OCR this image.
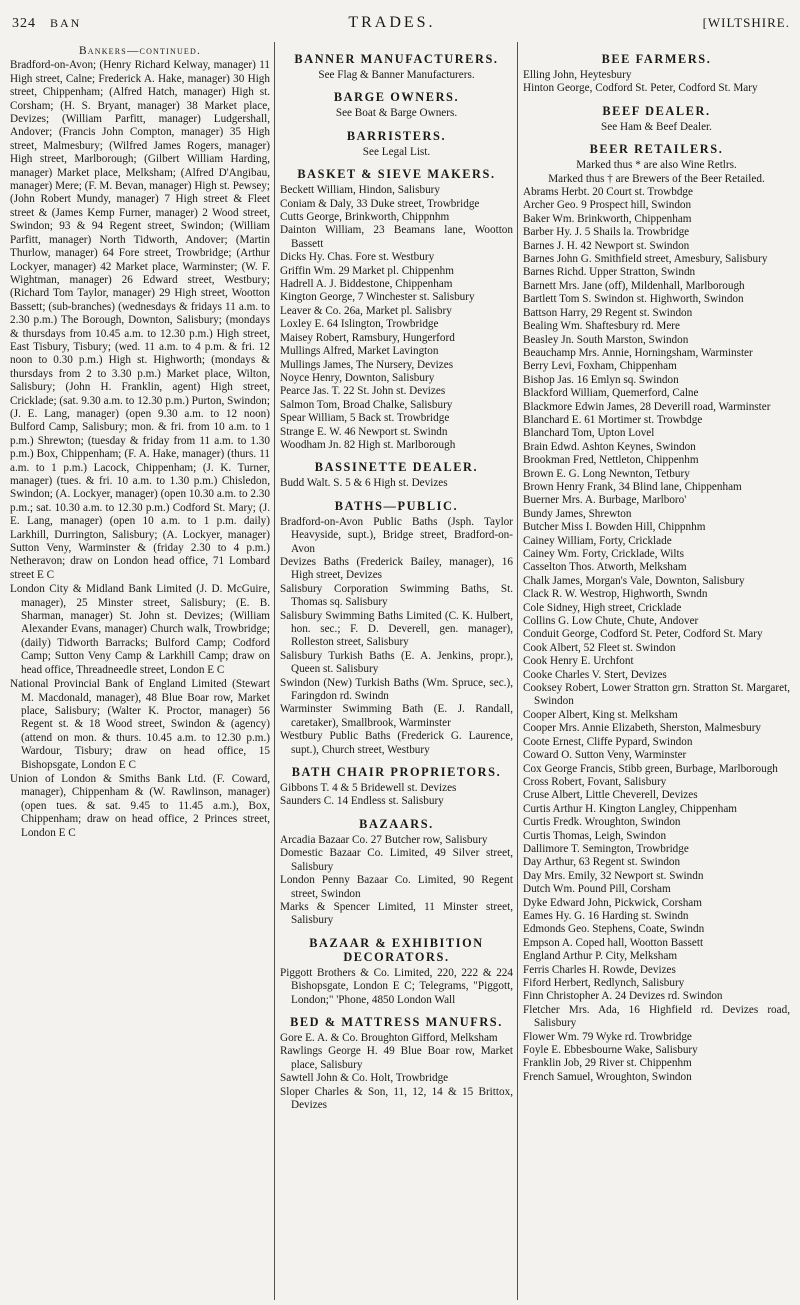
324 BAN	TRADES.	[WILTSHIRE.
Bankers—continued.
Bradford-on-Avon; (Henry Richard Kelway, manager) 11 High street, Calne; Frederick A. Hake, manager) 30 High street, Chippenham; (Alfred Hatch, manager) High st. Corsham; (H. S. Bryant, manager) 38 Market place, Devizes; (William Parfitt, manager) Ludgershall, Andover; (Francis John Compton, manager) 35 High street, Malmesbury; (Wilfred James Rogers, manager) High street, Marlborough; (Gilbert William Harding, manager) Market place, Melksham; (Alfred D'Angibau, manager) Mere; (F. M. Bevan, manager) High st. Pewsey; (John Robert Mundy, manager) 7 High street & Fleet street & (James Kemp Furner, manager) 2 Wood street, Swindon; 93 & 94 Regent street, Swindon; (William Parfitt, manager) North Tidworth, Andover; (Martin Thurlow, manager) 64 Fore street, Trowbridge; (Arthur Lockyer, manager) 42 Market place, Warminster; (W. F. Wightman, manager) 26 Edward street, Westbury; (Richard Tom Taylor, manager) 29 High street, Wootton Bassett; (sub-branches) (wednesdays & fridays 11 a.m. to 2.30 p.m.) The Borough, Downton, Salisbury; (mondays & thursdays from 10.45 a.m. to 12.30 p.m.) High street, East Tisbury, Tisbury; (wed. 11 a.m. to 4 p.m. & fri. 12 noon to 0.30 p.m.) High st. Highworth; (mondays & thursdays from 2 to 3.30 p.m.) Market place, Wilton, Salisbury; (John H. Franklin, agent) High street, Cricklade; (sat. 9.30 a.m. to 12.30 p.m.) Purton, Swindon; (J. E. Lang, manager) (open 9.30 a.m. to 12 noon) Bulford Camp, Salisbury; mon. & fri. from 10 a.m. to 1 p.m.) Shrewton; (tuesday & friday from 11 a.m. to 1.30 p.m.) Box, Chippenham; (F. A. Hake, manager) (thurs. 11 a.m. to 1 p.m.) Lacock, Chippenham; (J. K. Turner, manager) (tues. & fri. 10 a.m. to 1.30 p.m.) Chisledon, Swindon; (A. Lockyer, manager) (open 10.30 a.m. to 2.30 p.m.; sat. 10.30 a.m. to 12.30 p.m.) Codford St. Mary; (J. E. Lang, manager) (open 10 a.m. to 1 p.m. daily) Larkhill, Durrington, Salisbury; (A. Lockyer, manager) Sutton Veny, Warminster & (friday 2.30 to 4 p.m.) Netheravon; draw on London head office, 71 Lombard street E C
London City & Midland Bank Limited (J. D. McGuire, manager), 25 Minster street, Salisbury; (E. B. Sharman, manager) St. John st. Devizes; (William Alexander Evans, manager) Church walk, Trowbridge; (daily) Tidworth Barracks; Bulford Camp; Codford Camp; Sutton Veny Camp & Larkhill Camp; draw on head office, Threadneedle street, London E C
National Provincial Bank of England Limited (Stewart M. Macdonald, manager), 48 Blue Boar row, Market place, Salisbury; (Walter K. Proctor, manager) 56 Regent st. & 18 Wood street, Swindon & (agency) (attend on mon. & thurs. 10.45 a.m. to 12.30 p.m.) Wardour, Tisbury; draw on head office, 15 Bishopsgate, London E C
Union of London & Smiths Bank Ltd. (F. Coward, manager), Chippenham & (W. Rawlinson, manager) (open tues. & sat. 9.45 to 11.45 a.m.), Box, Chippenham; draw on head office, 2 Princes street, London E C
BANNER MANUFACTURERS.
See Flag & Banner Manufacturers.
BARGE OWNERS.
See Boat & Barge Owners.
BARRISTERS.
See Legal List.
BASKET & SIEVE MAKERS.
Beckett William, Hindon, Salisbury
Coniam & Daly, 33 Duke street, Trowbridge
Cutts George, Brinkworth, Chippnhm
Dainton William, 23 Beamans lane, Wootton Bassett
Dicks Hy. Chas. Fore st. Westbury
Griffin Wm. 29 Market pl. Chippenhm
Hadrell A. J. Biddestone, Chippenham
Kington George, 7 Winchester st. Salisbury
Leaver & Co. 26a, Market pl. Salisbry
Loxley E. 64 Islington, Trowbridge
Maisey Robert, Ramsbury, Hungerford
Mullings Alfred, Market Lavington
Mullings James, The Nursery, Devizes
Noyce Henry, Downton, Salisbury
Pearce Jas. T. 22 St. John st. Devizes
Salmon Tom, Broad Chalke, Salisbury
Spear William, 5 Back st. Trowbridge
Strange E. W. 46 Newport st. Swindn
Woodham Jn. 82 High st. Marlborough
BASSINETTE DEALER.
Budd Walt. S. 5 & 6 High st. Devizes
BATHS—PUBLIC.
Bradford-on-Avon Public Baths (Jsph. Taylor Heavyside, supt.), Bridge street, Bradford-on-Avon
Devizes Baths (Frederick Bailey, manager), 16 High street, Devizes
Salisbury Corporation Swimming Baths, St. Thomas sq. Salisbury
Salisbury Swimming Baths Limited (C. K. Hulbert, hon. sec.; F. D. Deverell, gen. manager), Rolleston street, Salisbury
Salisbury Turkish Baths (E. A. Jenkins, propr.), Queen st. Salisbury
Swindon (New) Turkish Baths (Wm. Spruce, sec.), Faringdon rd. Swindn
Warminster Swimming Bath (E. J. Randall, caretaker), Smallbrook, Warminster
Westbury Public Baths (Frederick G. Laurence, supt.), Church street, Westbury
BATH CHAIR PROPRIETORS.
Gibbons T. 4 & 5 Bridewell st. Devizes
Saunders C. 14 Endless st. Salisbury
BAZAARS.
Arcadia Bazaar Co. 27 Butcher row, Salisbury
Domestic Bazaar Co. Limited, 49 Silver street, Salisbury
London Penny Bazaar Co. Limited, 90 Regent street, Swindon
Marks & Spencer Limited, 11 Minster street, Salisbury
BAZAAR & EXHIBITION DECORATORS.
Piggott Brothers & Co. Limited, 220, 222 & 224 Bishopsgate, London E C; Telegrams, "Piggott, London;" 'Phone, 4850 London Wall
BED & MATTRESS MANUFRS.
Gore E. A. & Co. Broughton Gifford, Melksham
Rawlings George H. 49 Blue Boar row, Market place, Salisbury
Sawtell John & Co. Holt, Trowbridge
Sloper Charles & Son, 11, 12, 14 & 15 Brittox, Devizes
BEE FARMERS.
Elling John, Heytesbury
Hinton George, Codford St. Peter, Codford St. Mary
BEEF DEALER.
See Ham & Beef Dealer.
BEER RETAILERS.
Marked thus * are also Wine Retlrs.
Marked thus † are Brewers of the Beer Retailed.
Abrams Herbt. 20 Court st. Trowbdge
Archer Geo. 9 Prospect hill, Swindon
Baker Wm. Brinkworth, Chippenham
Barber Hy. J. 5 Shails la. Trowbridge
Barnes J. H. 42 Newport st. Swindon
Barnes John G. Smithfield street, Amesbury, Salisbury
Barnes Richd. Upper Stratton, Swindn
Barnett Mrs. Jane (off), Mildenhall, Marlborough
Bartlett Tom S. Swindon st. Highworth, Swindon
Battson Harry, 29 Regent st. Swindon
Bealing Wm. Shaftesbury rd. Mere
Beasley Jn. South Marston, Swindon
Beauchamp Mrs. Annie, Horningsham, Warminster
Berry Levi, Foxham, Chippenham
Bishop Jas. 16 Emlyn sq. Swindon
Blackford William, Quemerford, Calne
Blackmore Edwin James, 28 Deverill road, Warminster
Blanchard E. 61 Mortimer st. Trowbdge
Blanchard Tom, Upton Lovel
Brain Edwd. Ashton Keynes, Swindon
Brookman Fred, Nettleton, Chippenhm
Brown E. G. Long Newnton, Tetbury
Brown Henry Frank, 34 Blind lane, Chippenham
Buerner Mrs. A. Burbage, Marlboro'
Bundy James, Shrewton
Butcher Miss I. Bowden Hill, Chippnhm
Cainey William, Forty, Cricklade
Cainey Wm. Forty, Cricklade, Wilts
Casselton Thos. Atworth, Melksham
Chalk James, Morgan's Vale, Downton, Salisbury
Clack R. W. Westrop, Highworth, Swndn
Cole Sidney, High street, Cricklade
Collins G. Low Chute, Chute, Andover
Conduit George, Codford St. Peter, Codford St. Mary
Cook Albert, 52 Fleet st. Swindon
Cook Henry E. Urchfont
Cooke Charles V. Stert, Devizes
Cooksey Robert, Lower Stratton grn. Stratton St. Margaret, Swindon
Cooper Albert, King st. Melksham
Cooper Mrs. Annie Elizabeth, Sherston, Malmesbury
Coote Ernest, Cliffe Pypard, Swindon
Coward O. Sutton Veny, Warminster
Cox George Francis, Stibb green, Burbage, Marlborough
Cross Robert, Fovant, Salisbury
Cruse Albert, Little Cheverell, Devizes
Curtis Arthur H. Kington Langley, Chippenham
Curtis Fredk. Wroughton, Swindon
Curtis Thomas, Leigh, Swindon
Dallimore T. Semington, Trowbridge
Day Arthur, 63 Regent st. Swindon
Day Mrs. Emily, 32 Newport st. Swindn
Dutch Wm. Pound Pill, Corsham
Dyke Edward John, Pickwick, Corsham
Eames Hy. G. 16 Harding st. Swindn
Edmonds Geo. Stephens, Coate, Swindn
Empson A. Coped hall, Wootton Bassett
England Arthur P. City, Melksham
Ferris Charles H. Rowde, Devizes
Fiford Herbert, Redlynch, Salisbury
Finn Christopher A. 24 Devizes rd. Swindon
Fletcher Mrs. Ada, 16 Highfield rd. Devizes road, Salisbury
Flower Wm. 79 Wyke rd. Trowbridge
Foyle E. Ebbesbourne Wake, Salisbury
Franklin Job, 29 River st. Chippenhm
French Samuel, Wroughton, Swindon
